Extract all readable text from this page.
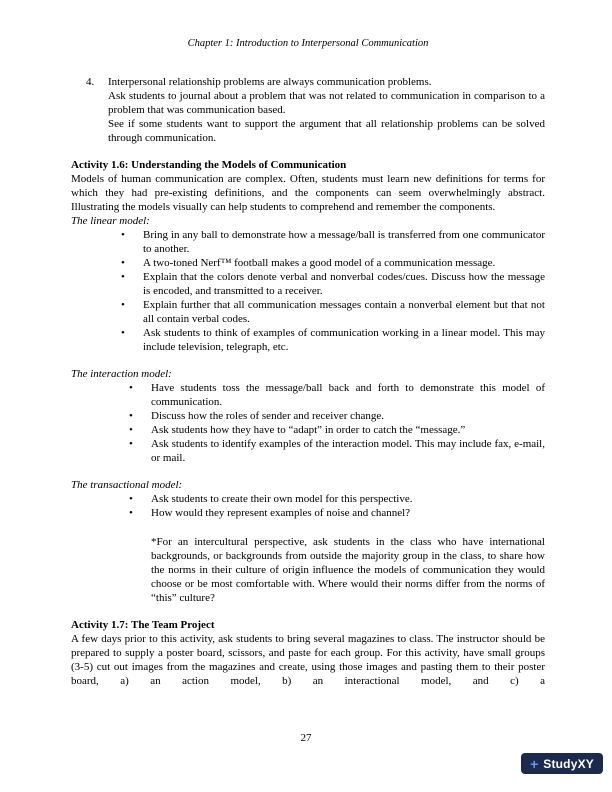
Chapter 1: Introduction to Interpersonal Communication
4.	Interpersonal relationship problems are always communication problems.
Ask students to journal about a problem that was not related to communication in comparison to a problem that was communication based.
See if some students want to support the argument that all relationship problems can be solved through communication.
Activity 1.6: Understanding the Models of Communication
Models of human communication are complex. Often, students must learn new definitions for terms for which they had pre-existing definitions, and the components can seem overwhelmingly abstract. Illustrating the models visually can help students to comprehend and remember the components.
The linear model:
•	Bring in any ball to demonstrate how a message/ball is transferred from one communicator to another.
•	A two-toned Nerf™ football makes a good model of a communication message.
•	Explain that the colors denote verbal and nonverbal codes/cues. Discuss how the message is encoded, and transmitted to a receiver.
•	Explain further that all communication messages contain a nonverbal element but that not all contain verbal codes.
•	Ask students to think of examples of communication working in a linear model. This may include television, telegraph, etc.
The interaction model:
•	Have students toss the message/ball back and forth to demonstrate this model of communication.
•	Discuss how the roles of sender and receiver change.
•	Ask students how they have to “adapt” in order to catch the “message.”
•	Ask students to identify examples of the interaction model. This may include fax, e-mail, or mail.
The transactional model:
•	Ask students to create their own model for this perspective.
•	How would they represent examples of noise and channel?
*For an intercultural perspective, ask students in the class who have international backgrounds, or backgrounds from outside the majority group in the class, to share how the norms in their culture of origin influence the models of communication they would choose or be most comfortable with. Where would their norms differ from the norms of “this” culture?
Activity 1.7: The Team Project
A few days prior to this activity, ask students to bring several magazines to class. The instructor should be prepared to supply a poster board, scissors, and paste for each group. For this activity, have small groups (3-5) cut out images from the magazines and create, using those images and pasting them to their poster board, a) an action model, b) an interactional model, and c) a
27
+ StudyXY
